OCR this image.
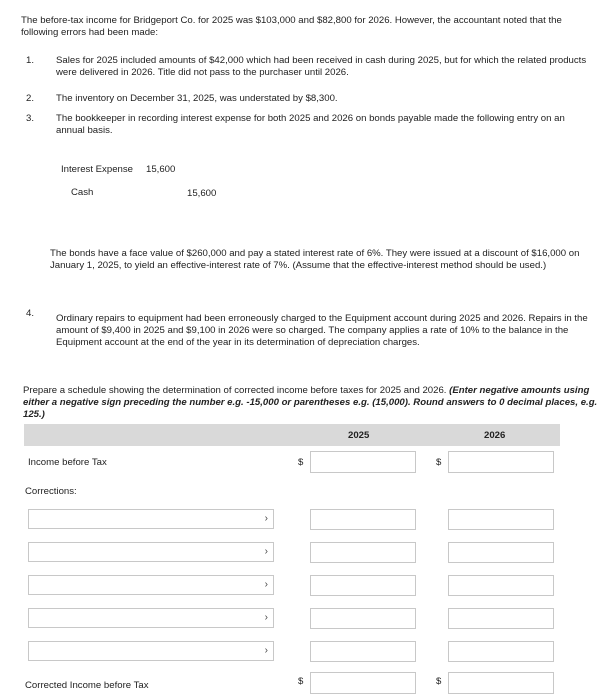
The before-tax income for Bridgeport Co. for 2025 was $103,000 and $82,800 for 2026. However, the accountant noted that the following errors had been made:
1. Sales for 2025 included amounts of $42,000 which had been received in cash during 2025, but for which the related products were delivered in 2026. Title did not pass to the purchaser until 2026.
2. The inventory on December 31, 2025, was understated by $8,300.
3. The bookkeeper in recording interest expense for both 2025 and 2026 on bonds payable made the following entry on an annual basis.
Interest Expense 15,600
Cash	15,600
The bonds have a face value of $260,000 and pay a stated interest rate of 6%. They were issued at a discount of $16,000 on January 1, 2025, to yield an effective-interest rate of 7%. (Assume that the effective-interest method should be used.)
4. Ordinary repairs to equipment had been erroneously charged to the Equipment account during 2025 and 2026. Repairs in the amount of $9,400 in 2025 and $9,100 in 2026 were so charged. The company applies a rate of 10% to the balance in the Equipment account at the end of the year in its determination of depreciation charges.
Prepare a schedule showing the determination of corrected income before taxes for 2025 and 2026. (Enter negative amounts using either a negative sign preceding the number e.g. -15,000 or parentheses e.g. (15,000). Round answers to 0 decimal places, e.g. 125.)
2025	2026
Income before Tax	$	$
Corrections:
›
›
›
›
›
Corrected Income before Tax	$	$
